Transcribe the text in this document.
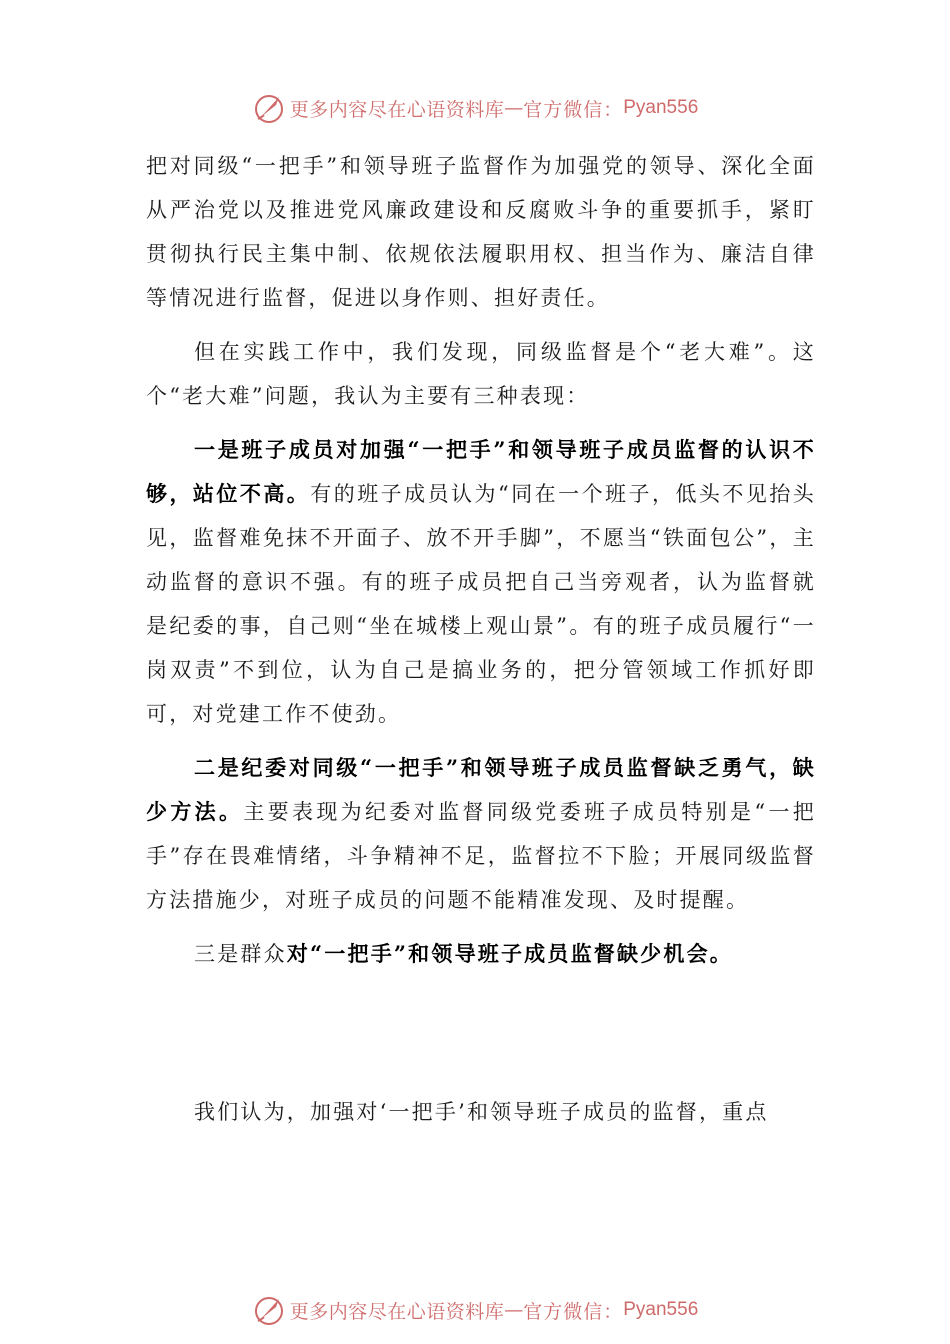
更多内容尽在心语资料库 — 官方微信： Pyan556

把对同级“一把手”和领导班子监督作为加强党的领导、深化全面从严治党以及推进党风廉政建设和反腐败斗争的重要抓手，紧盯贯彻执行民主集中制、依规依法履职用权、担当作为、廉洁自律等情况进行监督，促进以身作则、担好责任。

但在实践工作中，我们发现，同级监督是个“老大难”。这个“老大难”问题，我认为主要有三种表现：

一是班子成员对加强“一把手”和领导班子成员监督的认识不够，站位不高。有的班子成员认为“同在一个班子，低头不见抬头见，监督难免抹不开面子、放不开手脚”，不愿当“铁面包公”，主动监督的意识不强。有的班子成员把自己当旁观者，认为监督就是纪委的事，自己则“坐在城楼上观山景”。有的班子成员履行“一岗双责”不到位，认为自己是搞业务的，把分管领域工作抓好即可，对党建工作不使劲。

二是纪委对同级“一把手”和领导班子成员监督缺乏勇气，缺少方法。主要表现为纪委对监督同级党委班子成员特别是“一把手”存在畏难情绪，斗争精神不足，监督拉不下脸；开展同级监督方法措施少，对班子成员的问题不能精准发现、及时提醒。

三是群众对“一把手”和领导班子成员监督缺少机会。

我们认为，加强对‘一把手’和领导班子成员的监督，重点

更多内容尽在心语资料库 — 官方微信： Pyan556
